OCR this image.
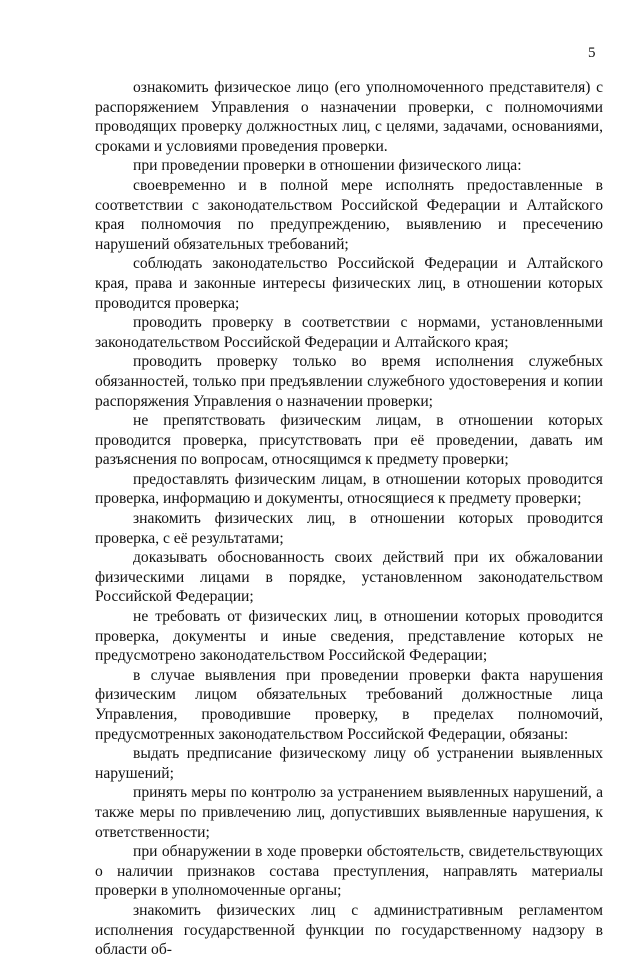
5

ознакомить физическое лицо (его уполномоченного представителя) с распоряжением Управления о назначении проверки, с полномочиями проводящих проверку должностных лиц, с целями, задачами, основаниями, сроками и условиями проведения проверки.

при проведении проверки в отношении физического лица:

своевременно и в полной мере исполнять предоставленные в соответствии с законодательством Российской Федерации и Алтайского края полномочия по предупреждению, выявлению и пресечению нарушений обязательных требований;

соблюдать законодательство Российской Федерации и Алтайского края, права и законные интересы физических лиц, в отношении которых проводится проверка;

проводить проверку в соответствии с нормами, установленными законодательством Российской Федерации и Алтайского края;

проводить проверку только во время исполнения служебных обязанностей, только при предъявлении служебного удостоверения и копии распоряжения Управления о назначении проверки;

не препятствовать физическим лицам, в отношении которых проводится проверка, присутствовать при её проведении, давать им разъяснения по вопросам, относящимся к предмету проверки;

предоставлять физическим лицам, в отношении которых проводится проверка, информацию и документы, относящиеся к предмету проверки;

знакомить физических лиц, в отношении которых проводится проверка, с её результатами;

доказывать обоснованность своих действий при их обжаловании физическими лицами в порядке, установленном законодательством Российской Федерации;

не требовать от физических лиц, в отношении которых проводится проверка, документы и иные сведения, представление которых не предусмотрено законодательством Российской Федерации;

в случае выявления при проведении проверки факта нарушения физическим лицом обязательных требований должностные лица Управления, проводившие проверку, в пределах полномочий, предусмотренных законодательством Российской Федерации, обязаны:

выдать предписание физическому лицу об устранении выявленных нарушений;

принять меры по контролю за устранением выявленных нарушений, а также меры по привлечению лиц, допустивших выявленные нарушения, к ответственности;

при обнаружении в ходе проверки обстоятельств, свидетельствующих о наличии признаков состава преступления, направлять материалы проверки в уполномоченные органы;

знакомить физических лиц с административным регламентом исполнения государственной функции по государственному надзору в области об-
